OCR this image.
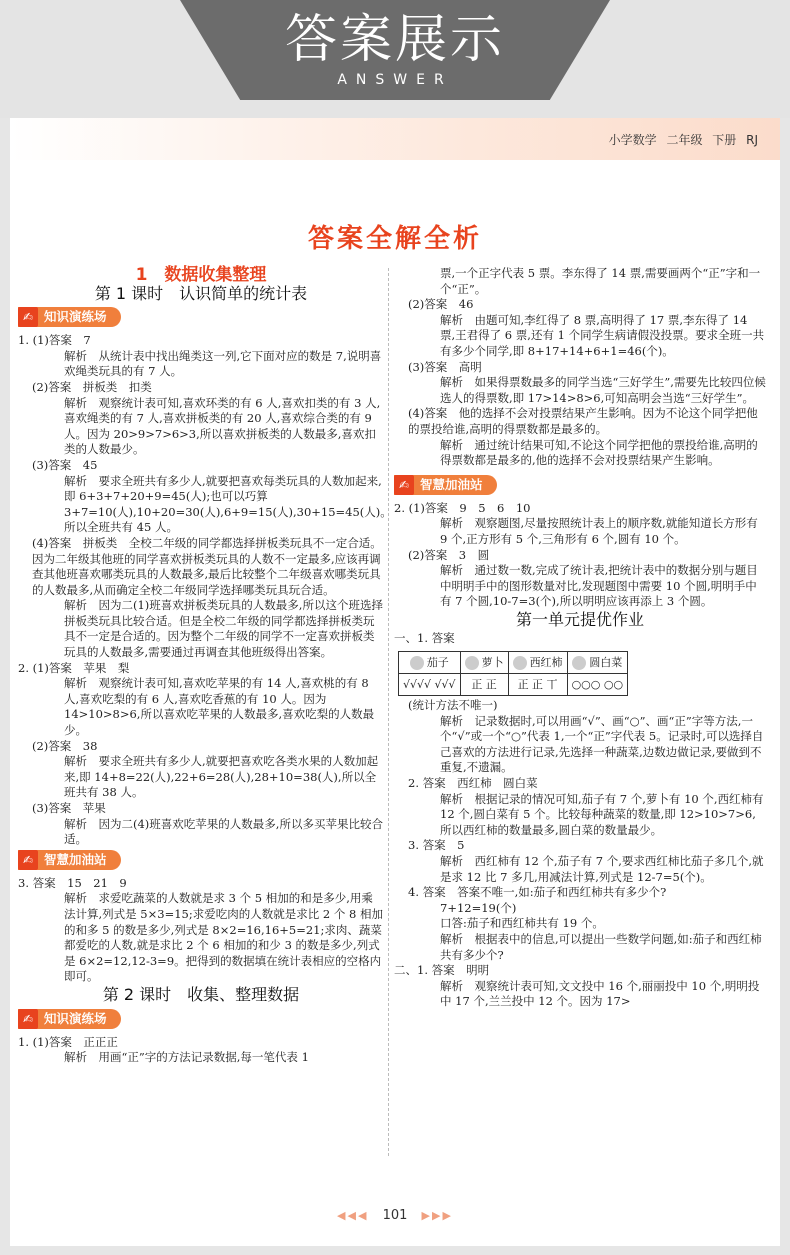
答案展示
ANSWER
小学数学 二年级 下册 RJ
答案全解全析
1　数据收集整理
第 1 课时　认识简单的统计表
✍ 知识演练场

1. (1)答案　7

解析　从统计表中找出绳类这一列,它下面对应的数是 7,说明喜欢绳类玩具的有 7 人。

(2)答案　拼板类　扣类

解析　观察统计表可知,喜欢环类的有 6 人,喜欢扣类的有 3 人,喜欢绳类的有 7 人,喜欢拼板类的有 20 人,喜欢综合类的有 9 人。因为 20>9>7>6>3,所以喜欢拼板类的人数最多,喜欢扣类的人数最少。

(3)答案　45

解析　要求全班共有多少人,就要把喜欢每类玩具的人数加起来,即 6+3+7+20+9=45(人);也可以巧算3+7=10(人),10+20=30(人),6+9=15(人),30+15=45(人)。所以全班共有 45 人。

(4)答案　拼板类　全校二年级的同学都选择拼板类玩具不一定合适。因为二年级其他班的同学喜欢拼板类玩具的人数不一定最多,应该再调查其他班喜欢哪类玩具的人数最多,最后比较整个二年级喜欢哪类玩具的人数最多,从而确定全校二年级同学选择哪类玩具玩合适。

解析　因为二(1)班喜欢拼板类玩具的人数最多,所以这个班选择拼板类玩具比较合适。但是全校二年级的同学都选择拼板类玩具不一定是合适的。因为整个二年级的同学不一定喜欢拼板类玩具的人数最多,需要通过再调查其他班级得出答案。

2. (1)答案　苹果　梨

解析　观察统计表可知,喜欢吃苹果的有 14 人,喜欢桃的有 8 人,喜欢吃梨的有 6 人,喜欢吃香蕉的有 10 人。因为 14>10>8>6,所以喜欢吃苹果的人数最多,喜欢吃梨的人数最少。

(2)答案　38

解析　要求全班共有多少人,就要把喜欢吃各类水果的人数加起来,即 14+8=22(人),22+6=28(人),28+10=38(人),所以全班共有 38 人。

(3)答案　苹果

解析　因为二(4)班喜欢吃苹果的人数最多,所以多买苹果比较合适。

✍ 智慧加油站

3. 答案　15　21　9

解析　求爱吃蔬菜的人数就是求 3 个 5 相加的和是多少,用乘法计算,列式是 5×3=15;求爱吃肉的人数就是求比 2 个 8 相加的和多 5 的数是多少,列式是 8×2=16,16+5=21;求肉、蔬菜都爱吃的人数,就是求比 2 个 6 相加的和少 3 的数是多少,列式是 6×2=12,12-3=9。把得到的数据填在统计表相应的空格内即可。

第 2 课时　收集、整理数据
✍ 知识演练场

1. (1)答案　正正正

解析　用画“正”字的方法记录数据,每一笔代表 1

票,一个正字代表 5 票。李东得了 14 票,需要画两个“正”字和一个“正”。

(2)答案　46

解析　由题可知,李红得了 8 票,高明得了 17 票,李东得了 14 票,王君得了 6 票,还有 1 个同学生病请假没投票。要求全班一共有多少个同学,即 8+17+14+6+1=46(个)。

(3)答案　高明

解析　如果得票数最多的同学当选“三好学生”,需要先比较四位候选人的得票数,即 17>14>8>6,可知高明会当选“三好学生”。

(4)答案　他的选择不会对投票结果产生影响。因为不论这个同学把他的票投给谁,高明的得票数都是最多的。

解析　通过统计结果可知,不论这个同学把他的票投给谁,高明的得票数都是最多的,他的选择不会对投票结果产生影响。

✍ 智慧加油站

2. (1)答案　9　5　6　10

解析　观察题图,尽量按照统计表上的顺序数,就能知道长方形有 9 个,正方形有 5 个,三角形有 6 个,圆有 10 个。

(2)答案　3　圆

解析　通过数一数,完成了统计表,把统计表中的数据分别与题目中明明手中的图形数量对比,发现题图中需要 10 个圆,明明手中有 7 个圆,10-7=3(个),所以明明应该再添上 3 个圆。

第一单元提优作业

一、1. 答案

茄子	萝卜	西红柿	圆白菜
√√√√ √√√	正 正	正 正 丅	○○○ ○○

(统计方法不唯一)

解析　记录数据时,可以用画“√”、画“○”、画“正”字等方法,一个“√”或一个“○”代表 1,一个“正”字代表 5。记录时,可以选择自己喜欢的方法进行记录,先选择一种蔬菜,边数边做记录,要做到不重复,不遗漏。

2. 答案　西红柿　圆白菜

解析　根据记录的情况可知,茄子有 7 个,萝卜有 10 个,西红柿有 12 个,圆白菜有 5 个。比较每种蔬菜的数量,即 12>10>7>6,所以西红柿的数量最多,圆白菜的数量最少。

3. 答案　5

解析　西红柿有 12 个,茄子有 7 个,要求西红柿比茄子多几个,就是求 12 比 7 多几,用减法计算,列式是 12-7=5(个)。

4. 答案　答案不唯一,如:茄子和西红柿共有多少个?

7+12=19(个)

口答:茄子和西红柿共有 19 个。

解析　根据表中的信息,可以提出一些数学问题,如:茄子和西红柿共有多少个?

二、1. 答案　明明

解析　观察统计表可知,文文投中 16 个,丽丽投中 10 个,明明投中 17 个,兰兰投中 12 个。因为 17>

◀◀◀ 101 ▶▶▶
